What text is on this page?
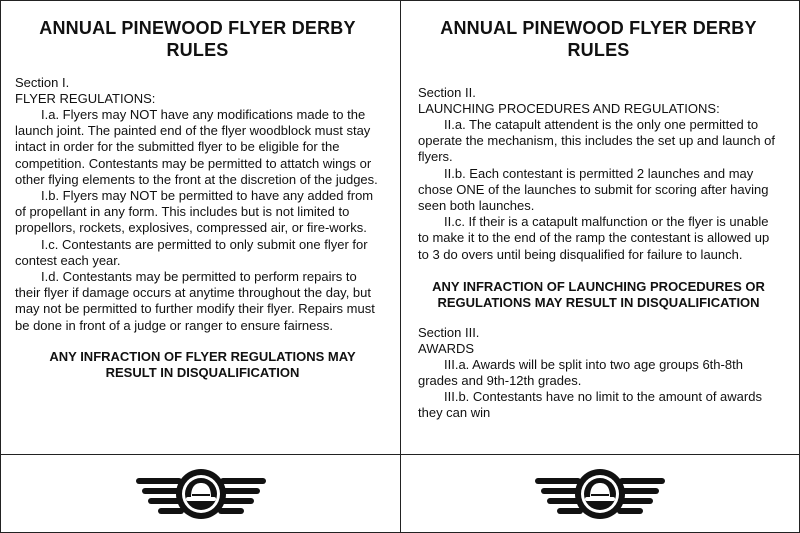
ANNUAL PINEWOOD FLYER DERBY RULES

Section I.

FLYER REGULATIONS:

I.a. Flyers may NOT have any modifications made to the launch joint. The painted end of the flyer woodblock must stay intact in order for the submitted flyer to be eligible for the competition. Contestants may be permitted to attatch wings or other flying elements to the front at the discretion of the judges.

I.b. Flyers may NOT be permitted to have any added from of propellant in any form. This includes but is not limited to propellors, rockets, explosives, compressed air, or fire-works.

I.c. Contestants are permitted to only submit one flyer for contest each year.

I.d. Contestants may be permitted to perform repairs to their flyer if damage occurs at anytime throughout the day, but may not be permitted to further modify their flyer. Repairs must be done in front of a judge or ranger to ensure fairness.

ANY INFRACTION OF FLYER REGULATIONS MAY RESULT IN DISQUALIFICATION

ANNUAL PINEWOOD FLYER DERBY RULES

Section II.

LAUNCHING PROCEDURES AND REGULATIONS:

II.a. The catapult attendent is the only one permitted to operate the mechanism, this includes the set up and launch of flyers.

II.b. Each contestant is permitted 2 launches and may chose ONE of the launches to submit for scoring after having seen both launches.

II.c. If their is a catapult malfunction or the flyer is unable to make it to the end of the ramp the contestant is allowed up to 3 do overs until being disqualified for failure to launch.

ANY INFRACTION OF LAUNCHING PROCEDURES OR REGULATIONS MAY RESULT IN DISQUALIFICATION

Section III.

AWARDS

III.a. Awards will be split into two age groups 6th-8th grades and 9th-12th grades.

III.b. Contestants have no limit to the amount of awards they can win
